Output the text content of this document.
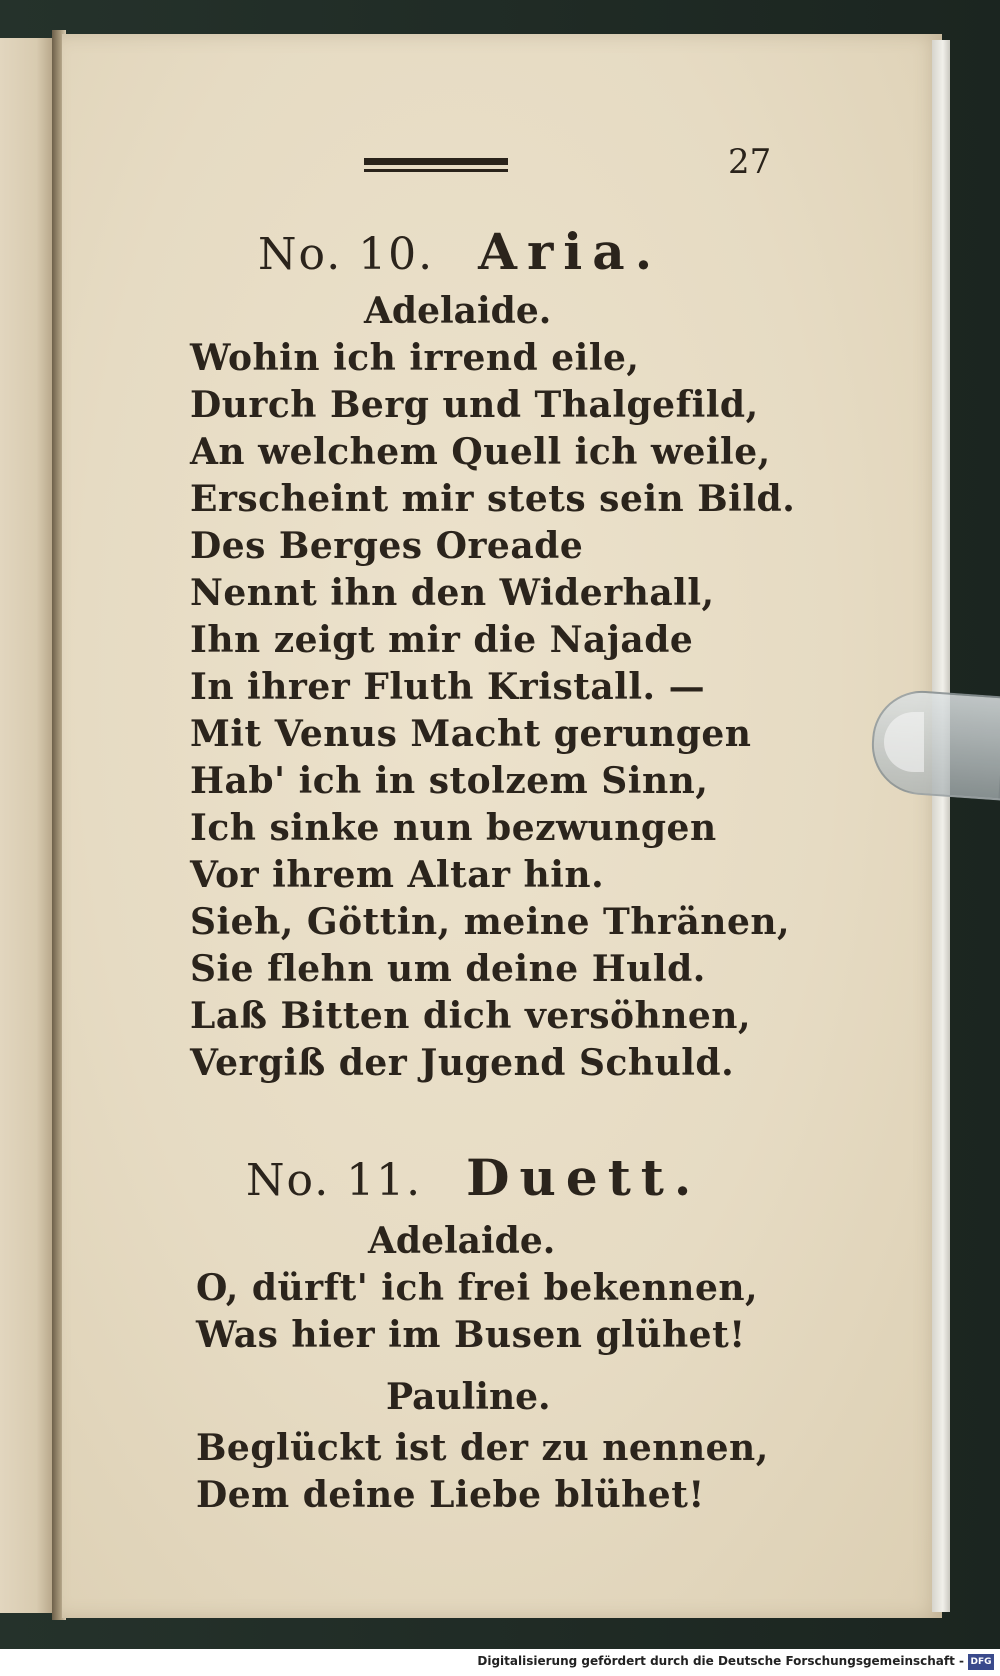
27
No. 10. Aria.
Adelaide.
Wohin ich irrend eile,
Durch Berg und Thalgefild,
An welchem Quell ich weile,
Erscheint mir stets sein Bild.
Des Berges Oreade
Nennt ihn den Widerhall,
Ihn zeigt mir die Najade
In ihrer Fluth Kristall. —
Mit Venus Macht gerungen
Hab' ich in stolzem Sinn,
Ich sinke nun bezwungen
Vor ihrem Altar hin.
Sieh, Göttin, meine Thränen,
Sie flehn um deine Huld.
Laß Bitten dich versöhnen,
Vergiß der Jugend Schuld.
No. 11. Duett.
Adelaide.
O, dürft' ich frei bekennen,
Was hier im Busen glühet!
Pauline.
Beglückt ist der zu nennen,
Dem deine Liebe blühet!
Digitalisierung gefördert durch die Deutsche Forschungsgemeinschaft - DFG
